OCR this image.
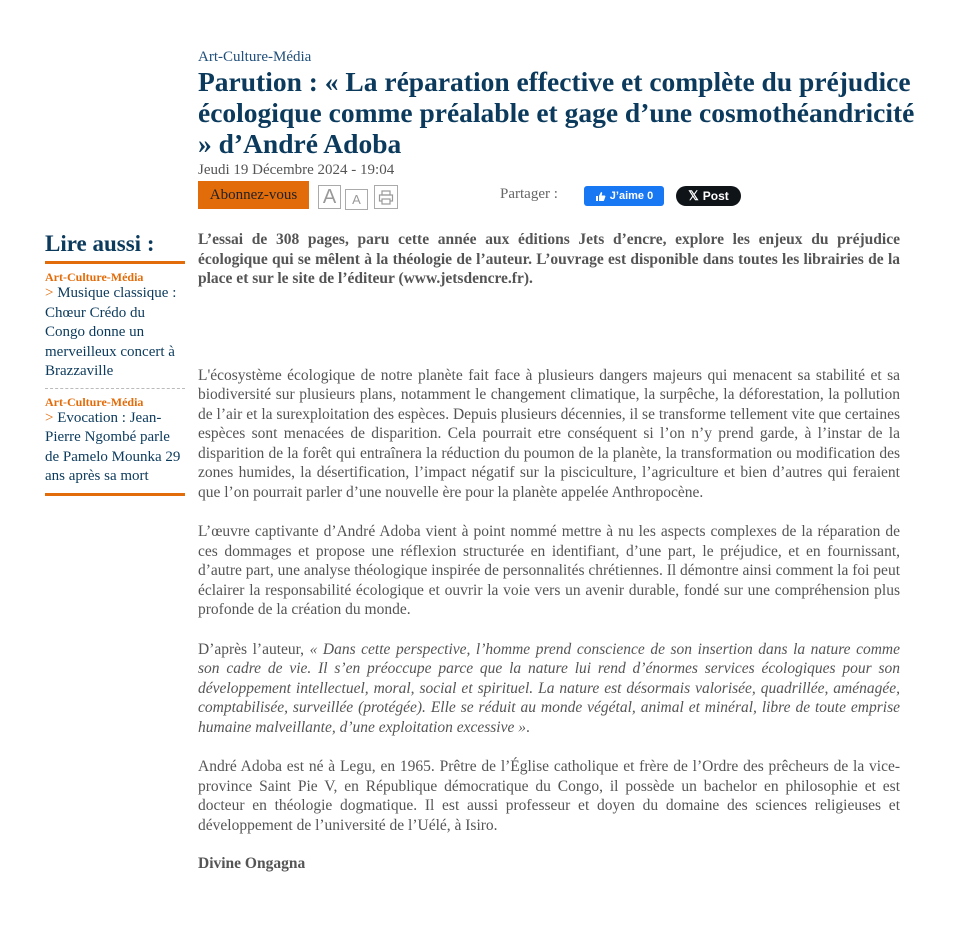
Art-Culture-Média
Parution : « La réparation effective et complète du préjudice écologique comme préalable et gage d’une cosmothéandricité » d’André Adoba
Jeudi 19 Décembre 2024 - 19:04
Abonnez-vous	A	A	Partager :	J’aime 0	𝕏 Post
Lire aussi :
Art-Culture-Média
> Musique classique : Chœur Crédo du Congo donne un merveilleux concert à Brazzaville
Art-Culture-Média
> Evocation : Jean-Pierre Ngombé parle de Pamelo Mounka 29 ans après sa mort

L’essai de 308 pages, paru cette année aux éditions Jets d’encre, explore les enjeux du préjudice écologique qui se mêlent à la théologie de l’auteur. L’ouvrage est disponible dans toutes les librairies de la place et sur le site de l’éditeur (www.jetsdencre.fr).

L'écosystème écologique de notre planète fait face à plusieurs dangers majeurs qui menacent sa stabilité et sa biodiversité sur plusieurs plans, notamment le changement climatique, la surpêche, la déforestation, la pollution de l’air et la surexploitation des espèces. Depuis plusieurs décennies, il se transforme tellement vite que certaines espèces sont menacées de disparition. Cela pourrait etre conséquent si l’on n’y prend garde, à l’instar de la disparition de la forêt qui entraînera la réduction du poumon de la planète, la transformation ou modification des zones humides, la désertification, l’impact négatif sur la pisciculture, l’agriculture et bien d’autres qui feraient que l’on pourrait parler d’une nouvelle ère pour la planète appelée Anthropocène.

L’œuvre captivante d’André Adoba vient à point nommé mettre à nu les aspects complexes de la réparation de ces dommages et propose une réflexion structurée en identifiant, d’une part, le préjudice, et en fournissant, d’autre part, une analyse théologique inspirée de personnalités chrétiennes. Il démontre ainsi comment la foi peut éclairer la responsabilité écologique et ouvrir la voie vers un avenir durable, fondé sur une compréhension plus profonde de la création du monde.

D’après l’auteur, « Dans cette perspective, l’homme prend conscience de son insertion dans la nature comme son cadre de vie. Il s’en préoccupe parce que la nature lui rend d’énormes services écologiques pour son développement intellectuel, moral, social et spirituel. La nature est désormais valorisée, quadrillée, aménagée, comptabilisée, surveillée (protégée). Elle se réduit au monde végétal, animal et minéral, libre de toute emprise humaine malveillante, d’une exploitation excessive ».

André Adoba est né à Legu, en 1965. Prêtre de l’Église catholique et frère de l’Ordre des prêcheurs de la vice-province Saint Pie V, en République démocratique du Congo, il possède un bachelor en philosophie et est docteur en théologie dogmatique. Il est aussi professeur et doyen du domaine des sciences religieuses et développement de l’université de l’Uélé, à Isiro.

Divine Ongagna
